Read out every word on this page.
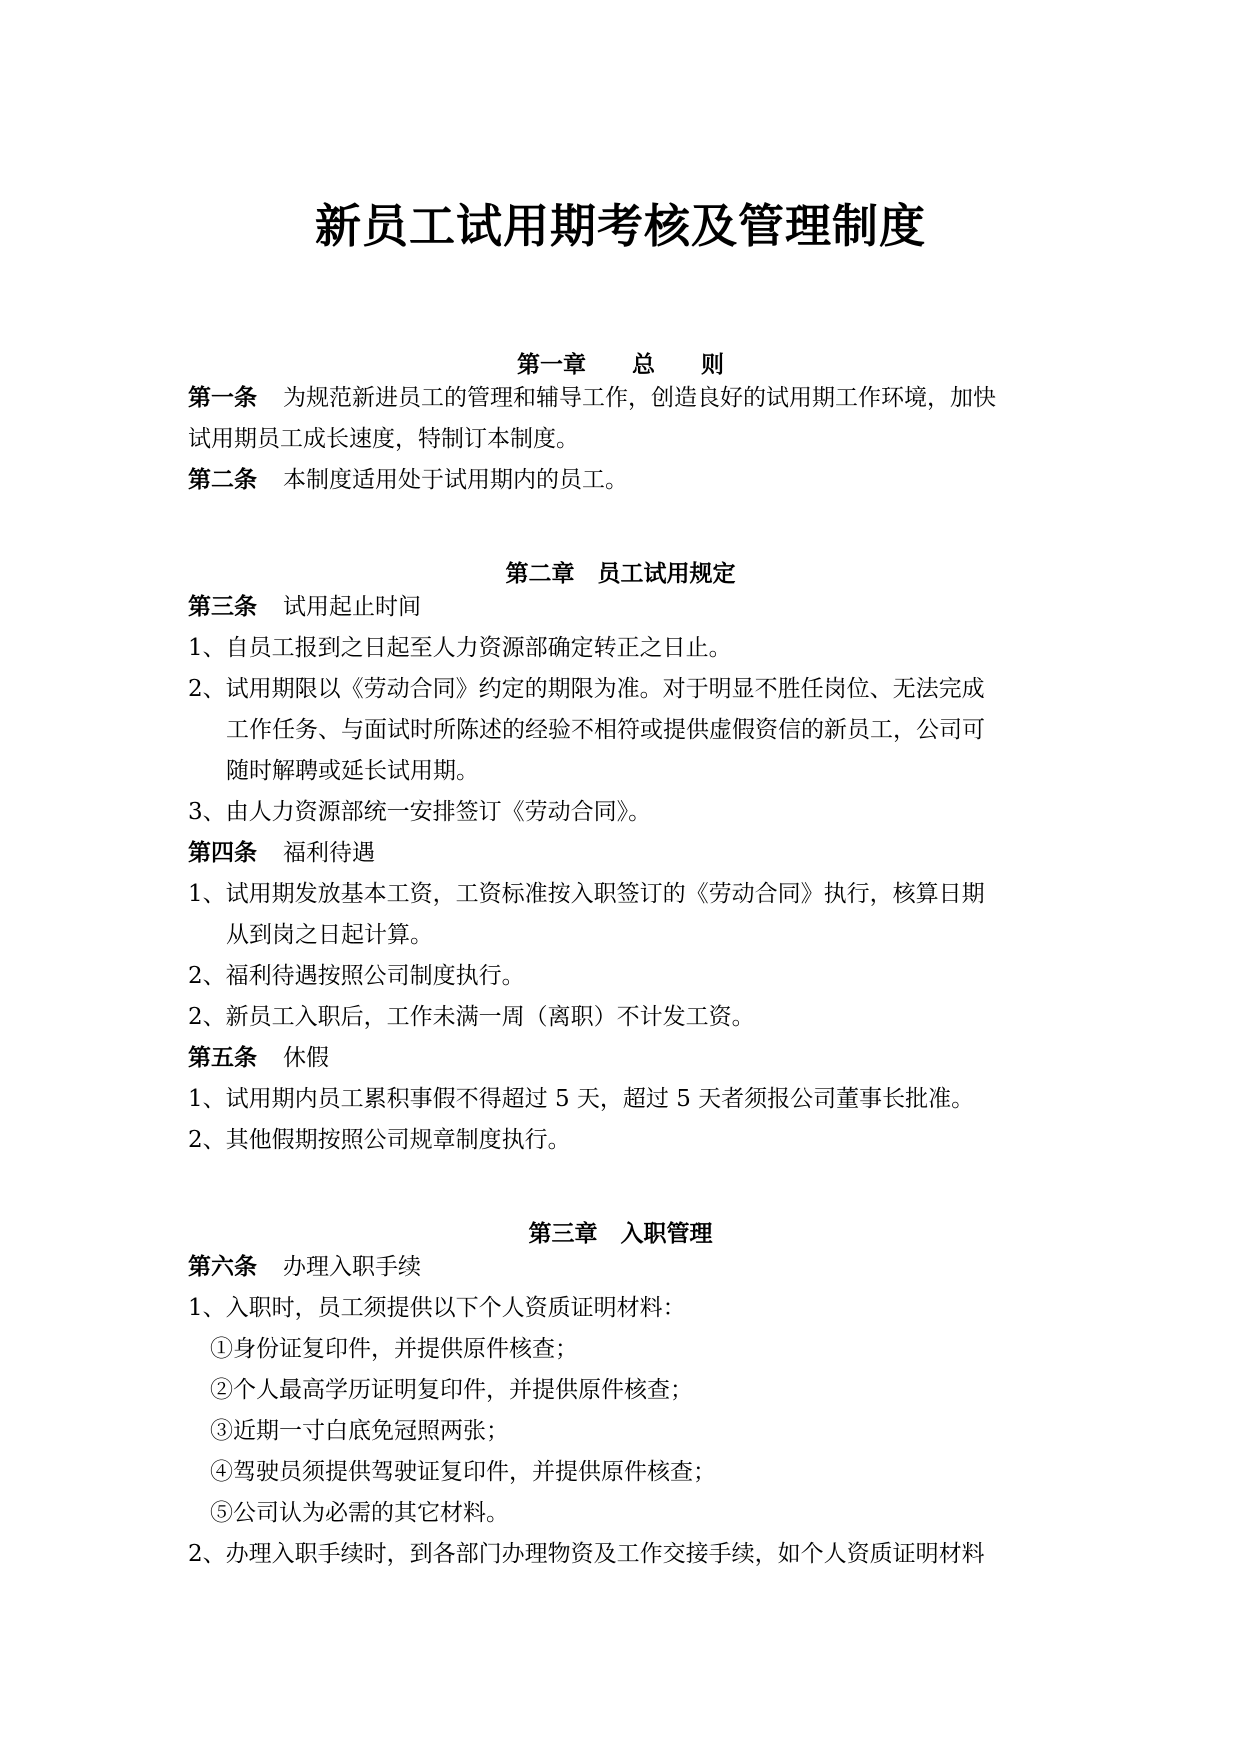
新员工试用期考核及管理制度
第一章　　总　　则
第一条 为规范新进员工的管理和辅导工作，创造良好的试用期工作环境，加快
试用期员工成长速度，特制订本制度。
第二条 本制度适用处于试用期内的员工。
第二章　员工试用规定
第三条 试用起止时间
1、自员工报到之日起至人力资源部确定转正之日止。
2、试用期限以《劳动合同》约定的期限为准。对于明显不胜任岗位、无法完成
工作任务、与面试时所陈述的经验不相符或提供虚假资信的新员工，公司可
随时解聘或延长试用期。
3、由人力资源部统一安排签订《劳动合同》。
第四条 福利待遇
1、试用期发放基本工资，工资标准按入职签订的《劳动合同》执行，核算日期
从到岗之日起计算。
2、福利待遇按照公司制度执行。
2、新员工入职后，工作未满一周（离职）不计发工资。
第五条 休假
1、试用期内员工累积事假不得超过 5 天，超过 5 天者须报公司董事长批准。
2、其他假期按照公司规章制度执行。
第三章　入职管理
第六条 办理入职手续
1、入职时，员工须提供以下个人资质证明材料：
①身份证复印件，并提供原件核查；
②个人最高学历证明复印件，并提供原件核查；
③近期一寸白底免冠照两张；
④驾驶员须提供驾驶证复印件，并提供原件核查；
⑤公司认为必需的其它材料。
2、办理入职手续时，到各部门办理物资及工作交接手续，如个人资质证明材料
